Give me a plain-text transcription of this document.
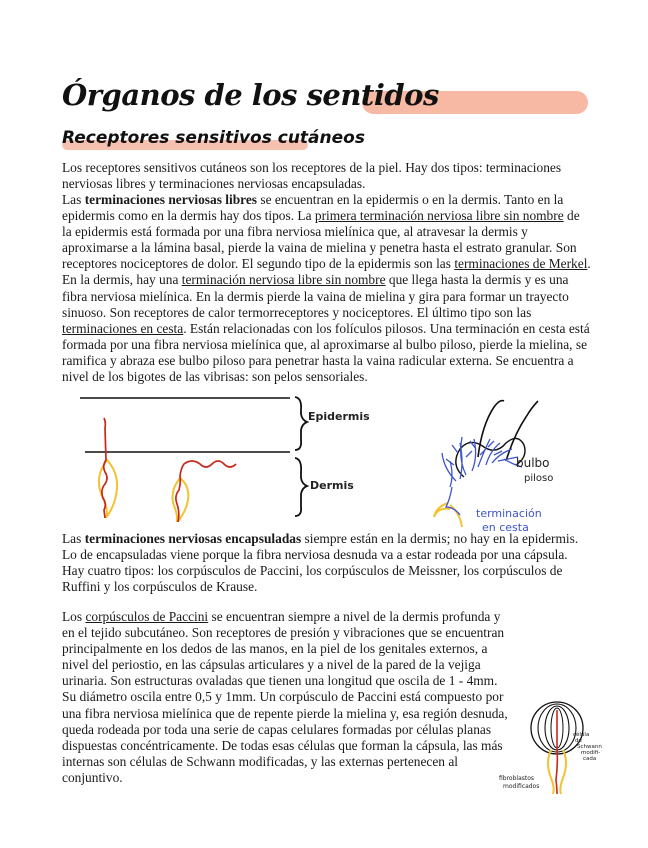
Órganos de los sentidos
Receptores sensitivos cutáneos

Los receptores sensitivos cutáneos son los receptores de la piel. Hay dos tipos: terminaciones nerviosas libres y terminaciones nerviosas encapsuladas.

Las terminaciones nerviosas libres se encuentran en la epidermis o en la dermis. Tanto en la epidermis como en la dermis hay dos tipos. La primera terminación nerviosa libre sin nombre de la epidermis está formada por una fibra nerviosa mielínica que, al atravesar la dermis y aproximarse a la lámina basal, pierde la vaina de mielina y penetra hasta el estrato granular. Son receptores nociceptores de dolor. El segundo tipo de la epidermis son las terminaciones de Merkel. En la dermis, hay una terminación nerviosa libre sin nombre que llega hasta la dermis y es una fibra nerviosa mielínica. En la dermis pierde la vaina de mielina y gira para formar un trayecto sinuoso. Son receptores de calor termorreceptores y nociceptores. El último tipo son las terminaciones en cesta. Están relacionadas con los folículos pilosos. Una terminación en cesta está formada por una fibra nerviosa mielínica que, al aproximarse al bulbo piloso, pierde la mielina, se ramifica y abraza ese bulbo piloso para penetrar hasta la vaina radicular externa. Se encuentra a nivel de los bigotes de las vibrisas: son pelos sensoriales.

Epidermis
Dermis
bulbo
piloso
terminación
en cesta

Las terminaciones nerviosas encapsuladas siempre están en la dermis; no hay en la epidermis. Lo de encapsuladas viene porque la fibra nerviosa desnuda va a estar rodeada por una cápsula. Hay cuatro tipos: los corpúsculos de Paccini, los corpúsculos de Meissner, los corpúsculos de Ruffini y los corpúsculos de Krause.

Los corpúsculos de Paccini se encuentran siempre a nivel de la dermis profunda y en el tejido subcutáneo. Son receptores de presión y vibraciones que se encuentran principalmente en los dedos de las manos, en la piel de los genitales externos, a nivel del periostio, en las cápsulas articulares y a nivel de la pared de la vejiga urinaria. Son estructuras ovaladas que tienen una longitud que oscila de 1 - 4mm. Su diámetro oscila entre 0,5 y 1mm. Un corpúsculo de Paccini está compuesto por una fibra nerviosa mielínica que de repente pierde la mielina y, esa región desnuda, queda rodeada por toda una serie de capas celulares formadas por células planas dispuestas concéntricamente. De todas esas células que forman la cápsula, las más internas son células de Schwann modificadas, y las externas pertenecen al conjuntivo.

célula
de
Schwann
modifi-
cada
fibroblastos
modificados
